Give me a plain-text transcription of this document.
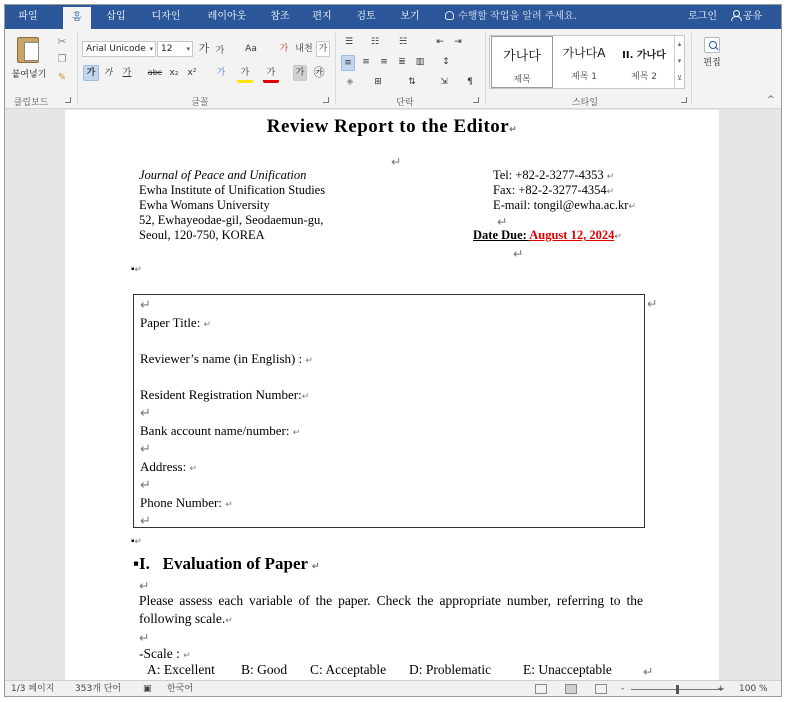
파일	홈	삽입	디자인	레이아웃	참조	편지	검토	보기	수행할 작업을 알려 주세요.	로그인	공유
붙여넣기
✂
❐
✎
클립보드
Arial Unicode ▾ 12 ▾ 가 가	Aa	가 내천 가
가 가	가	abc x₂ x²	가	가	가	가 ㉮
글꼴
☰	☷	☵	⇤	⇥
≡	≡	≡	≣	▥	↕
◈	⊞	⇅	⇲	¶
단락
가나다
제목
가나다A
제목 1
II. 가나다
제목 2
▴
▾
⊻
스타일
편집
^
Review Report to the Editor↵
↵
Journal of Peace and Unification
Ewha Institute of Unification Studies
Ewha Womans University
52, Ewhayeodae-gil, Seodaemun-gu,
Seoul, 120-750, KOREA
Tel: +82-2-3277-4353 ↵
Fax: +82-2-3277-4354↵
E-mail: tongil@ewha.ac.kr↵
↵
Date Due: August 12, 2024↵
↵
▪↵
↵
Paper Title: ↵
Reviewer’s name (in English) : ↵
Resident Registration Number:↵
↵
Bank account name/number: ↵
↵
Address: ↵
↵
Phone Number: ↵
↵
↵
▪↵
▪I.   Evaluation of Paper ↵
↵
Please assess each variable of the paper. Check the appropriate number, referring to the following scale.↵
↵
-Scale : ↵
A: Excellent B: Good C: Acceptable D: Problematic E: Unacceptable ↵
1/3 페이지 353개 단어 ▣ 한국어	-	+ 100 %
